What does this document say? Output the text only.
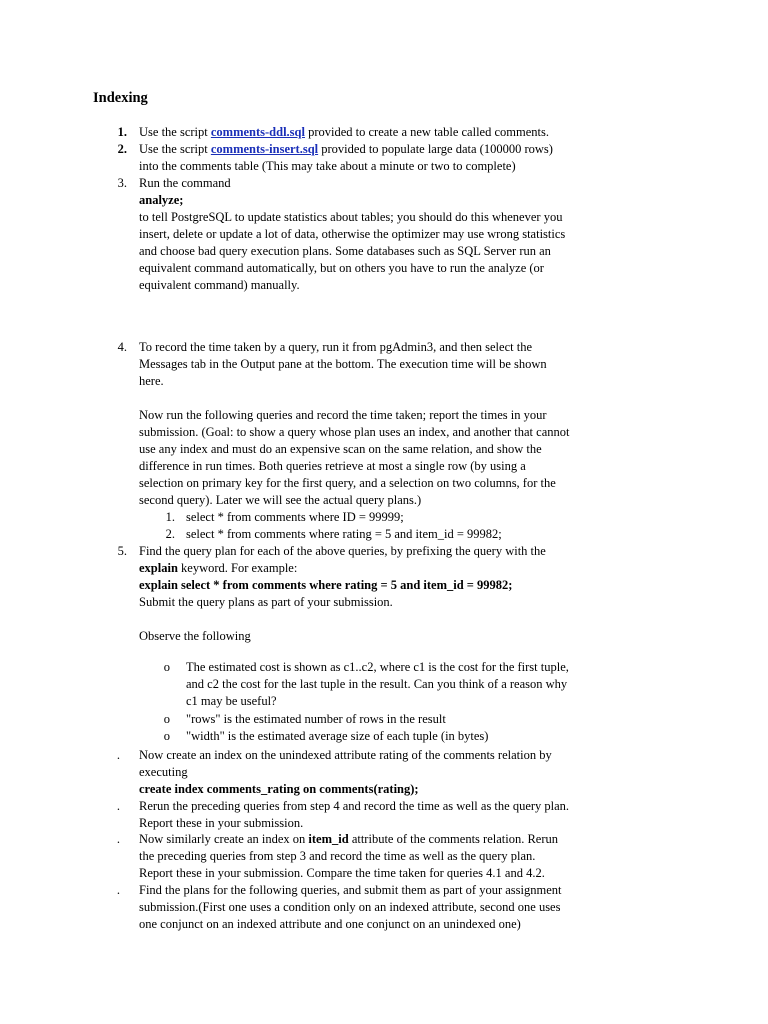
Indexing
1. Use the script comments-ddl.sql provided to create a new table called comments.
2. Use the script comments-insert.sql provided to populate large data (100000 rows)
into the comments table (This may take about a minute or two to complete)
3. Run the command
analyze;
to tell PostgreSQL to update statistics about tables; you should do this whenever you
insert, delete or update a lot of data, otherwise the optimizer may use wrong statistics
and choose bad query execution plans. Some databases such as SQL Server run an
equivalent command automatically, but on others you have to run the analyze (or
equivalent command) manually.
4. To record the time taken by a query, run it from pgAdmin3, and then select the
Messages tab in the Output pane at the bottom. The execution time will be shown
here.
Now run the following queries and record the time taken; report the times in your
submission. (Goal: to show a query whose plan uses an index, and another that cannot
use any index and must do an expensive scan on the same relation, and show the
difference in run times. Both queries retrieve at most a single row (by using a
selection on primary key for the first query, and a selection on two columns, for the
second query). Later we will see the actual query plans.)
1. select * from comments where ID = 99999;
2. select * from comments where rating = 5 and item_id = 99982;
5. Find the query plan for each of the above queries, by prefixing the query with the
explain keyword. For example:
explain select * from comments where rating = 5 and item_id = 99982;
Submit the query plans as part of your submission.
Observe the following
o The estimated cost is shown as c1..c2, where c1 is the cost for the first tuple,
and c2 the cost for the last tuple in the result. Can you think of a reason why
c1 may be useful?
o "rows" is the estimated number of rows in the result
o "width" is the estimated average size of each tuple (in bytes)
. Now create an index on the unindexed attribute rating of the comments relation by
executing
create index comments_rating on comments(rating);
. Rerun the preceding queries from step 4 and record the time as well as the query plan.
Report these in your submission.
. Now similarly create an index on item_id attribute of the comments relation. Rerun
the preceding queries from step 3 and record the time as well as the query plan.
Report these in your submission. Compare the time taken for queries 4.1 and 4.2.
. Find the plans for the following queries, and submit them as part of your assignment
submission.(First one uses a condition only on an indexed attribute, second one uses
one conjunct on an indexed attribute and one conjunct on an unindexed one)
